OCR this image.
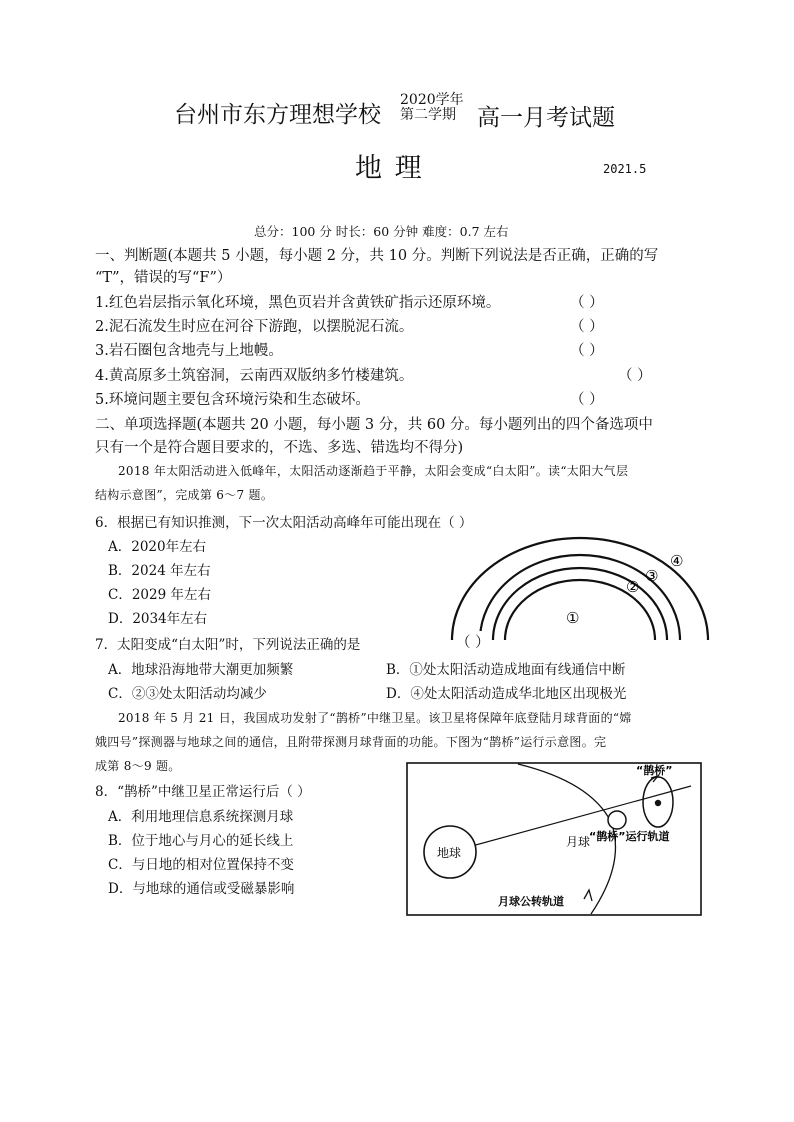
台州市东方理想学校
2020学年
第二学期 高一月考试题
地 理	2021.5
总分：100 分 时长：60 分钟 难度：0.7 左右
一、判断题(本题共 5 小题，每小题 2 分，共 10 分。判断下列说法是否正确，正确的写
“T”，错误的写“F”）
1.红色岩层指示氧化环境，黑色页岩并含黄铁矿指示还原环境。	（ ）
2.泥石流发生时应在河谷下游跑，以摆脱泥石流。	（ ）
3.岩石圈包含地壳与上地幔。	（ ）
4.黄高原多土筑窑洞，云南西双版纳多竹楼建筑。	（ ）
5.环境问题主要包含环境污染和生态破坏。	（ ）
二、单项选择题(本题共 20 小题，每小题 3 分，共 60 分。每小题列出的四个备选项中
只有一个是符合题目要求的，不选、多选、错选均不得分)
2018 年太阳活动进入低峰年，太阳活动逐渐趋于平静，太阳会变成“白太阳”。读“太阳大气层
结构示意图”，完成第 6～7 题。
6．根据已有知识推测，下一次太阳活动高峰年可能出现在（ ）
A．2020年左右
B．2024 年左右
C．2029 年左右
D．2034年左右	①
②
③
④
7．太阳变成“白太阳”时，下列说法正确的是	（ ）
A．地球沿海地带大潮更加频繁	B．①处太阳活动造成地面有线通信中断
C．②③处太阳活动均减少	D．④处太阳活动造成华北地区出现极光
2018 年 5 月 21 日，我国成功发射了“鹊桥”中继卫星。该卫星将保障年底登陆月球背面的“嫦
娥四号”探测器与地球之间的通信，且附带探测月球背面的功能。下图为“鹊桥”运行示意图。完
成第 8～9 题。
8．“鹊桥”中继卫星正常运行后（ ）
A．利用地理信息系统探测月球
B．位于地心与月心的延长线上
C．与日地的相对位置保持不变
D．与地球的通信或受磁暴影响
地球
月球
“鹊桥”
“鹊桥”运行轨道
月球公转轨道
